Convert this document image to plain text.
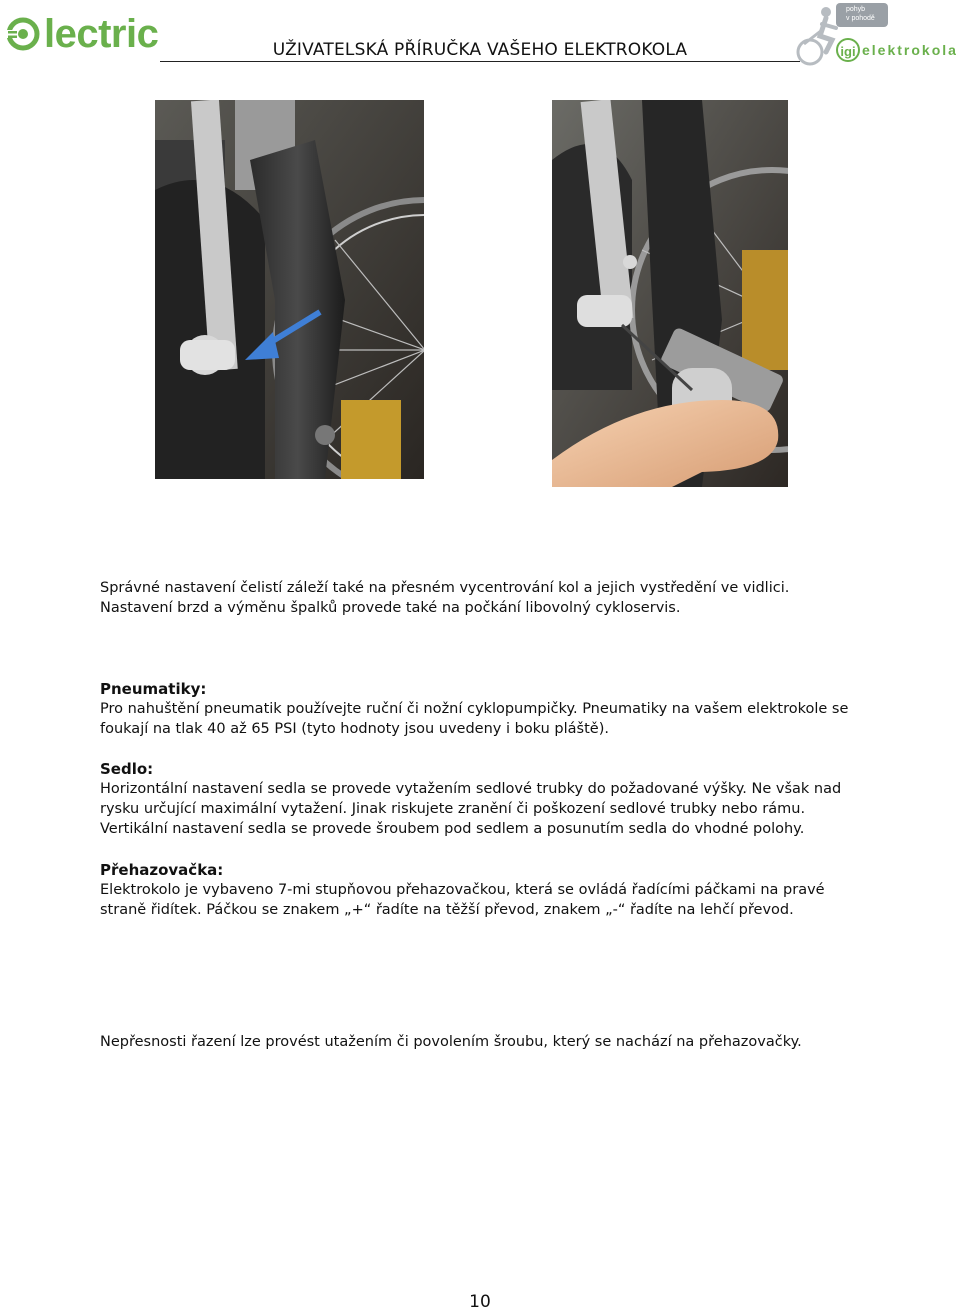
lectric	UŽIVATELSKÁ PŘÍRUČKA VAŠEHO ELEKTROKOLA
pohyb
v pohodě
igi elektrokola
Správné nastavení čelistí záleží také na přesném vycentrování kol a jejich vystředění ve vidlici.
Nastavení brzd a výměnu špalků provede také na počkání libovolný cykloservis.
Pneumatiky:
Pro nahuštění pneumatik používejte ruční či nožní cyklopumpičky. Pneumatiky na vašem elektrokole se
foukají na tlak 40 až 65 PSI (tyto hodnoty jsou uvedeny i boku pláště).
Sedlo:
Horizontální nastavení sedla se provede vytažením sedlové trubky do požadované výšky. Ne však nad
rysku určující maximální vytažení. Jinak riskujete zranění či poškození sedlové trubky nebo rámu.
Vertikální nastavení sedla se provede šroubem pod sedlem a posunutím sedla do vhodné polohy.
Přehazovačka:
Elektrokolo je vybaveno 7-mi stupňovou přehazovačkou, která se ovládá řadícími páčkami na pravé
straně řidítek. Páčkou se znakem „+“ řadíte na těžší převod, znakem „-“ řadíte na lehčí převod.
Nepřesnosti řazení lze provést utažením či povolením šroubu, který se nachází na přehazovačky.
10
